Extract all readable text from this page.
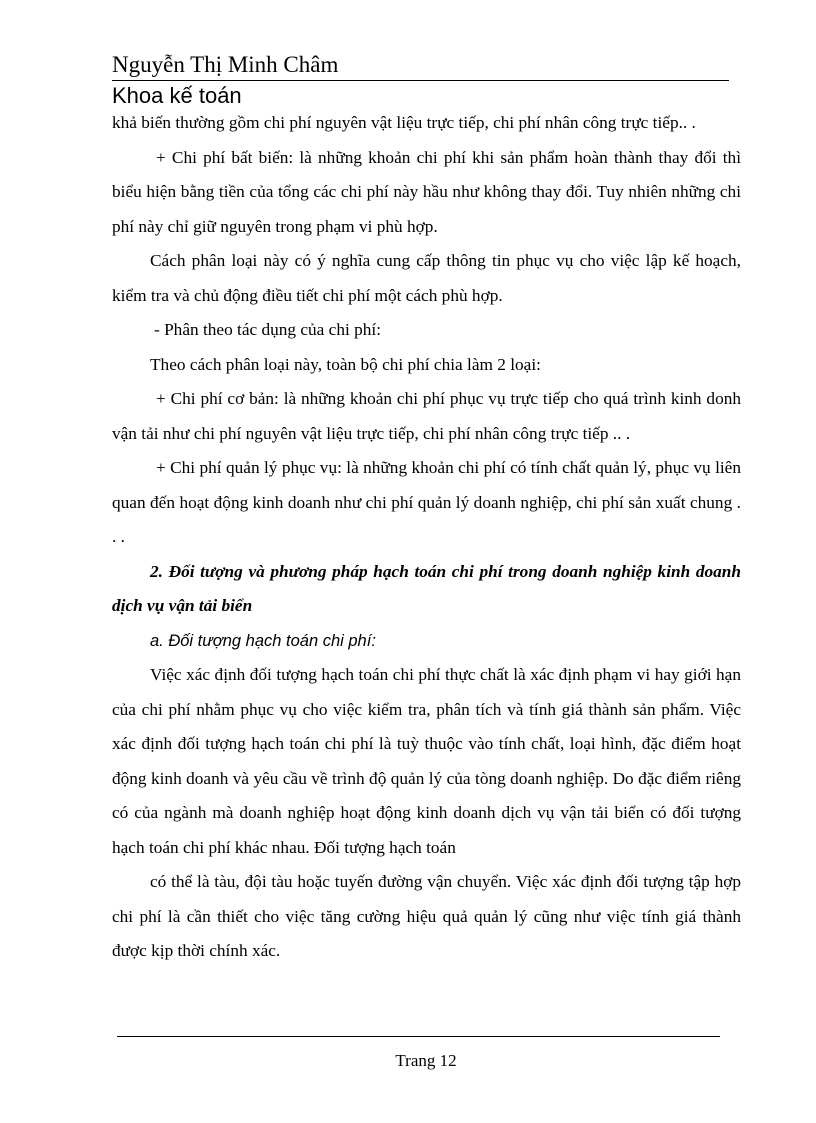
Nguyễn Thị Minh Châm
Khoa kế toán

khả biến thường gồm chi phí nguyên vật liệu trực tiếp, chi phí nhân công trực tiếp.. .

+ Chi phí bất biến: là những khoản chi phí khi sản phẩm hoàn thành thay đổi thì biểu hiện bằng tiền của tổng các chi phí này hầu như không thay đổi. Tuy nhiên những chi phí này chỉ giữ nguyên trong phạm vi phù hợp.

Cách phân loại này có ý nghĩa cung cấp thông tin phục vụ cho việc lập kế hoạch, kiểm tra và chủ động điều tiết chi phí một cách phù hợp.

- Phân theo tác dụng của chi phí:

Theo cách phân loại này, toàn bộ chi phí chia làm 2 loại:

+ Chi phí cơ bản: là những khoản chi phí phục vụ trực tiếp cho quá trình kinh donh vận tải như chi phí nguyên vật liệu trực tiếp, chi phí nhân công trực tiếp .. .

+ Chi phí quản lý phục vụ: là những khoản chi phí có tính chất quản lý, phục vụ liên quan đến hoạt động kinh doanh như chi phí quản lý doanh nghiệp, chi phí sản xuất chung . . .

2. Đối tượng và phương pháp hạch toán chi phí trong doanh nghiệp kinh doanh dịch vụ vận tải biển

a. Đối tượng hạch toán chi phí:

Việc xác định đối tượng hạch toán chi phí thực chất là xác định phạm vi hay giới hạn của chi phí nhằm phục vụ cho việc kiểm tra, phân tích và tính giá thành sản phẩm. Việc xác định đối tượng hạch toán chi phí là tuỳ thuộc vào tính chất, loại hình, đặc điểm hoạt động kinh doanh và yêu cầu về trình độ quản lý của tòng doanh nghiệp. Do đặc điểm riêng có của ngành mà doanh nghiệp hoạt động kinh doanh dịch vụ vận tải biển có đối tượng hạch toán chi phí khác nhau. Đối tượng hạch toán

có thể là tàu, đội tàu hoặc tuyến đường vận chuyển. Việc xác định đối tượng tập hợp chi phí là cần thiết cho việc tăng cường hiệu quả quản lý cũng như việc tính giá thành được kịp thời chính xác.

Trang 12
